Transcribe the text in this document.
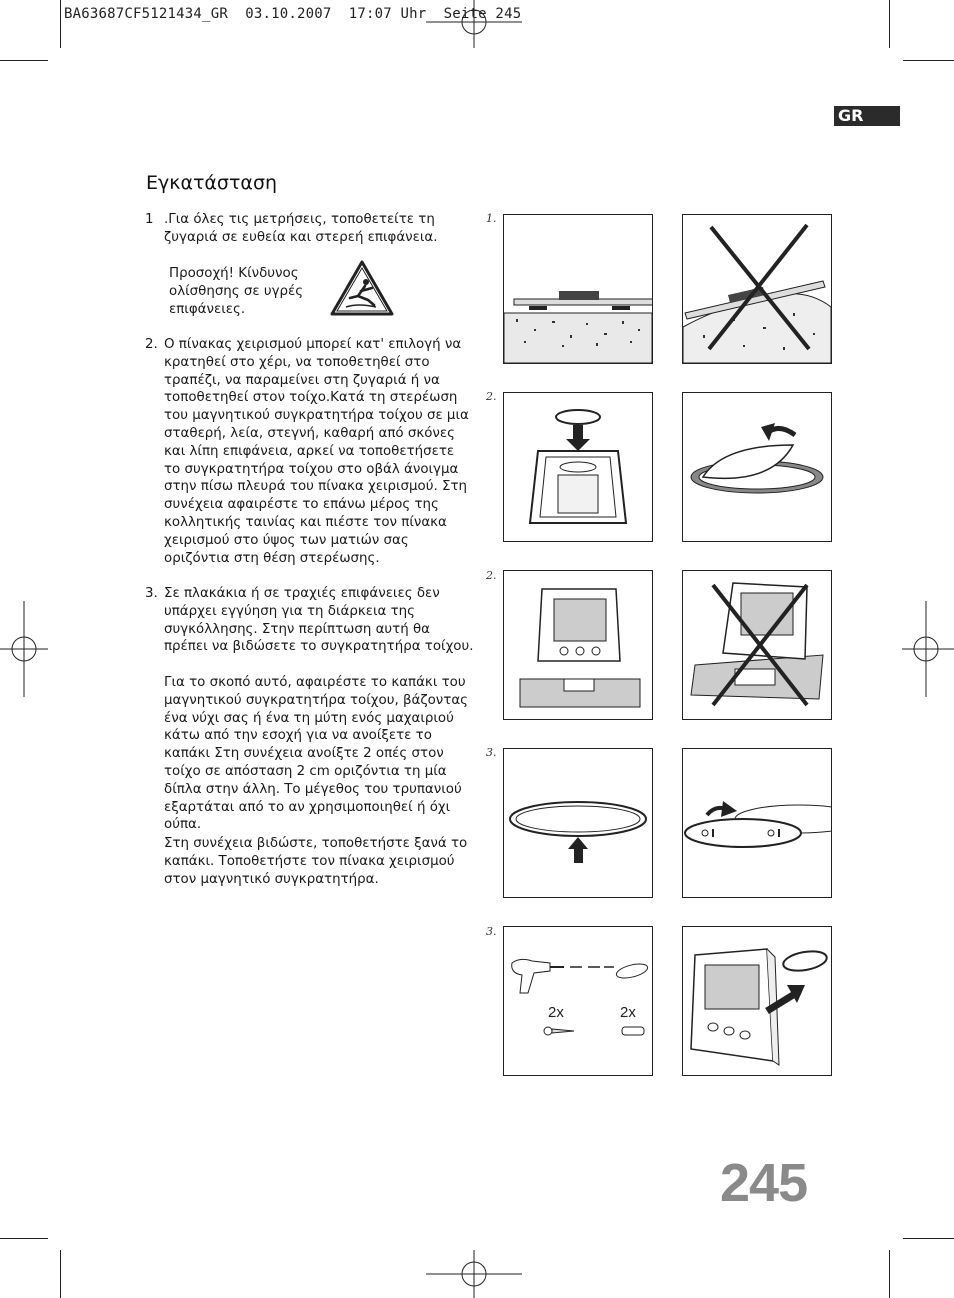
BA63687CF5121434_GR  03.10.2007  17:07 Uhr  Seite 245
GR
Εγκατάσταση
1 .Για όλες τις μετρήσεις, τοποθετείτε τη ζυγαριά σε ευθεία και στερεή επιφάνεια.
Προσοχή! Κίνδυνος ολίσθησης σε υγρές επιφάνειες.
2. Ο πίνακας χειρισμού μπορεί κατ' επιλογή να κρατηθεί στο χέρι, να τοποθετηθεί στο τραπέζι, να παραμείνει στη ζυγαριά ή να τοποθετηθεί στον τοίχο.Κατά τη στερέωση του μαγνητικού συγκρατητήρα τοίχου σε μια σταθερή, λεία, στεγνή, καθαρή από σκόνες και λίπη επιφάνεια, αρκεί να τοποθετήσετε το συγκρατητήρα τοίχου στο οβάλ άνοιγμα στην πίσω πλευρά του πίνακα χειρισμού. Στη συνέχεια αφαιρέστε το επάνω μέρος της κολλητικής ταινίας και πιέστε τον πίνακα χειρισμού στο ύψος των ματιών σας οριζόντια στη θέση στερέωσης.
3. Σε πλακάκια ή σε τραχιές επιφάνειες δεν υπάρχει εγγύηση για τη διάρκεια της συγκόλλησης. Στην περίπτωση αυτή θα πρέπει να βιδώσετε το συγκρατητήρα τοίχου.
Για το σκοπό αυτό, αφαιρέστε το καπάκι του μαγνητικού συγκρατητήρα τοίχου, βάζοντας ένα νύχι σας ή ένα τη μύτη ενός μαχαιριού κάτω από την εσοχή για να ανοίξετε το καπάκι Στη συνέχεια ανοίξτε 2 οπές στον τοίχο σε απόσταση 2 cm οριζόντια τη μία δίπλα στην άλλη. Το μέγεθος του τρυπανιού εξαρτάται από το αν χρησιμοποιηθεί ή όχι ούπα.
Στη συνέχεια βιδώστε, τοποθετήστε ξανά το καπάκι. Τοποθετήστε τον πίνακα χειρισμού στον μαγνητικό συγκρατητήρα.
1.
2.
2.
3.
3.
2x	2x
245
